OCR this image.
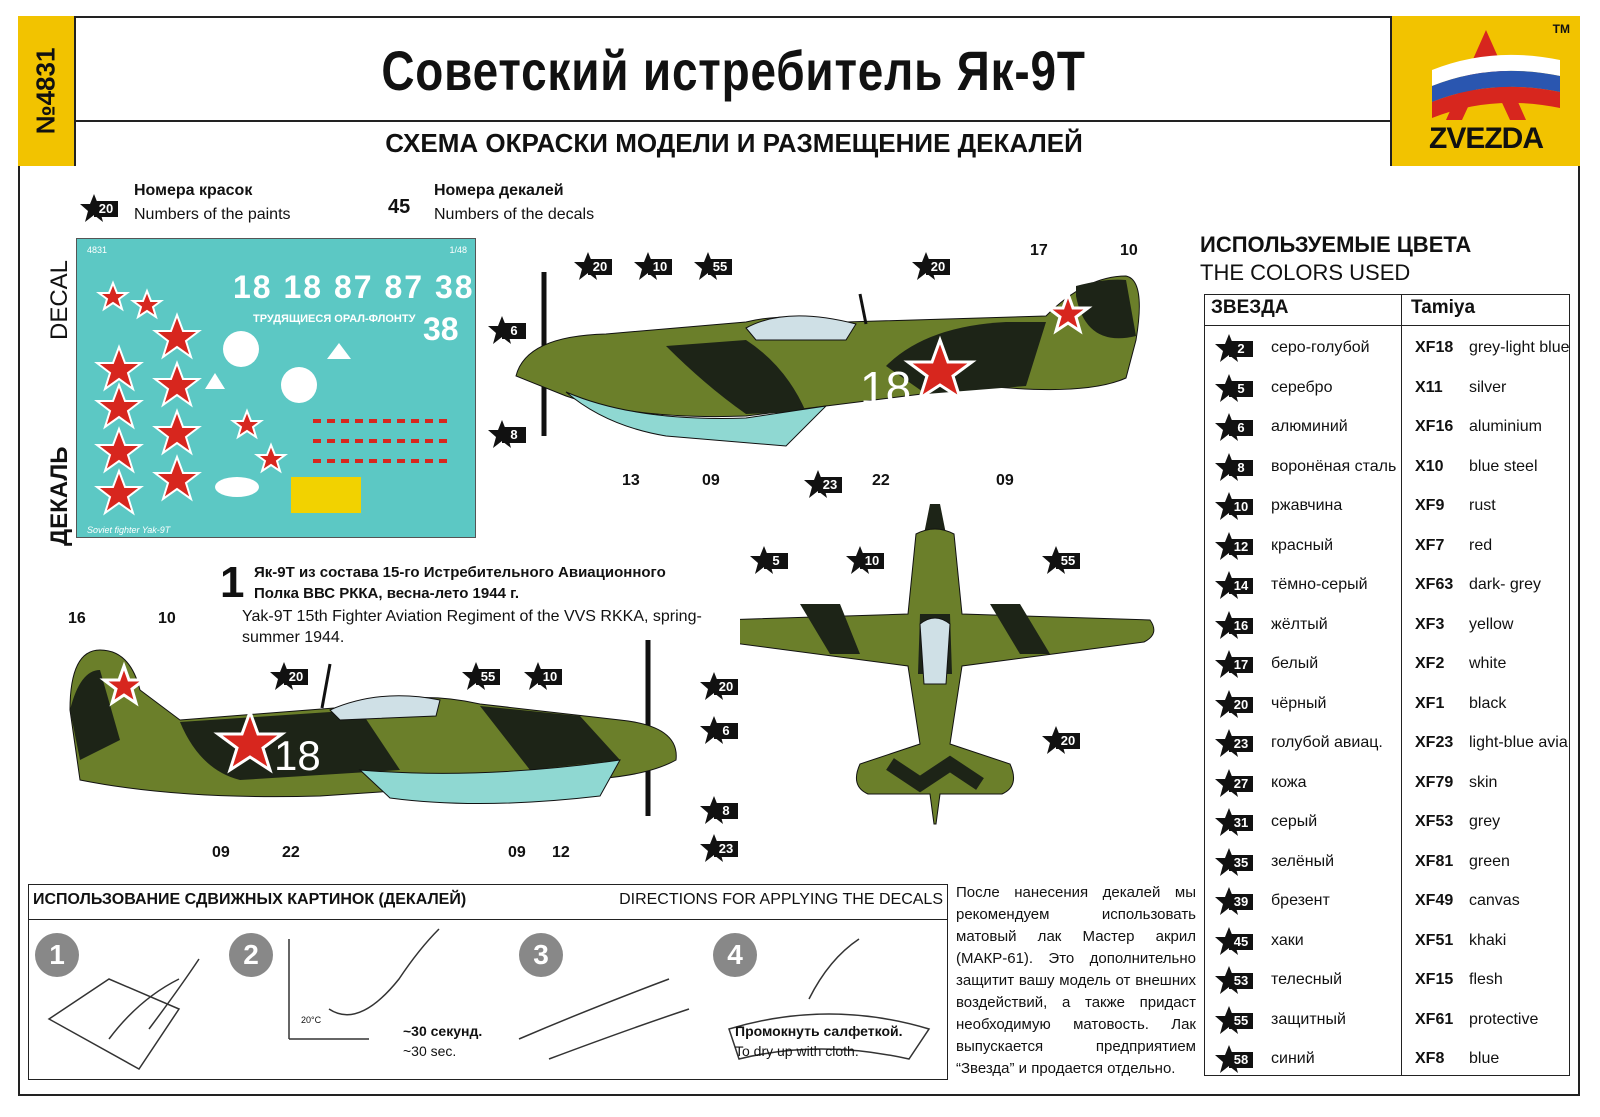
№4831	Советский истребитель Як-9Т
СХЕМА ОКРАСКИ МОДЕЛИ И РАЗМЕЩЕНИЕ ДЕКАЛЕЙ
TM
ZVEZDA
20
Номера красок
Numbers of the paints	45
Номера декалей
Numbers of the decals
DECAL
ДЕКАЛЬ
4831	1/48
18 18 87 87 38
ТРУДЯЩИЕСЯ ОРАЛ-ФЛОНТУ 38
Soviet fighter Yak-9T
18
18
20	10	55	20
6
8
23
17	10
13	09	22	09
20	55	10
20
6
8
23
16	10
09	22	09 12
5	10	55
20
1 Як-9Т из состава 15-го Истребительного Авиационного Полка ВВС РККА, весна-лето 1944 г.
Yak-9T 15th Fighter Aviation Regiment of the VVS RKKA, spring-summer 1944.
ИСПОЛЬЗУЕМЫЕ ЦВЕТА
THE COLORS USED
ЗВЕЗДА	Tamiya
2	серо-голубой	XF18 grey-light blue
5	серебро	X11 silver
6	алюминий	XF16 aluminium
8	воронёная сталь X10 blue steel
10 ржавчина	XF9 rust
12 красный	XF7 red
14 тёмно-серый	XF63 dark- grey
16 жёлтый	XF3 yellow
17 белый	XF2 white
20 чёрный	XF1 black
23 голубой авиац. XF23 light-blue avia
27 кожа	XF79 skin
31 серый	XF53 grey
35 зелёный	XF81 green
39 брезент	XF49 canvas
45 хаки	XF51 khaki
53 телесный	XF15 flesh
55 защитный	XF61 protective
58 синий	XF8 blue
ИСПОЛЬЗОВАНИЕ СДВИЖНЫХ КАРТИНОК (ДЕКАЛЕЙ)	DIRECTIONS FOR APPLYING THE DECALS
1	2	3	4
20°C
~30 секунд.
~30 sec.
Промокнуть салфеткой.
To dry up with cloth.
После нанесения декалей мы рекомендуем использовать матовый лак Мастер акрил (МАКР-61). Это дополнительно защитит вашу модель от внешних воздействий, а также придаст необходимую матовость. Лак выпускается предприятием “Звезда” и продается отдельно.
